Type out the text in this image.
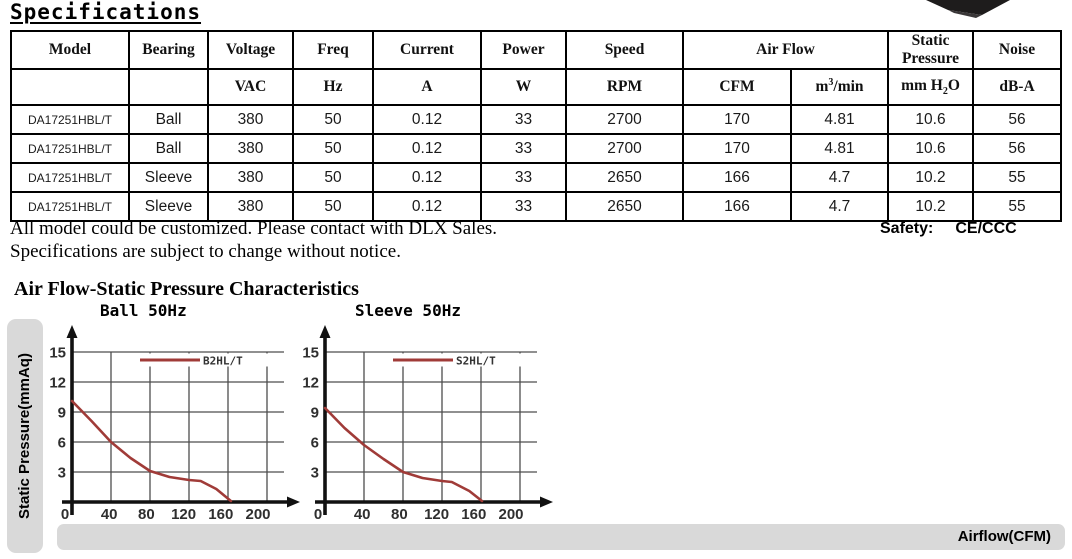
Specifications
Model	Bearing	Voltage	Freq	Current	Power	Speed	Air Flow		Static Pressure	Noise
		VAC	Hz	A	W	RPM	CFM	$m^3/\min$	mm $H_2O$	dB-A
DA17251HBL/T	Ball	380	50	0.12	33	2700	170	4.81	10.6	56
DA17251HBL/T	Ball	380	50	0.12	33	2700	170	4.81	10.6	56
DA17251HBL/T	Sleeve	380	50	0.12	33	2650	166	4.7	10.2	55
DA17251HBL/T	Sleeve	380	50	0.12	33	2650	166	4.7	10.2	55
All model could be customized. Please contact with DLX Sales.
Specifications are subject to change without notice.
Safety: CE/CCC
Air Flow-Static Pressure Characteristics
Ball 50Hz	Sleeve 50Hz
B2HL/T
3
6
9
12
15
0 40 80 120 160 200
S2HL/T
3
6
9
12
15
0 40 80 120 160 200
Static Pressure(mmAq)
Airflow(CFM)
